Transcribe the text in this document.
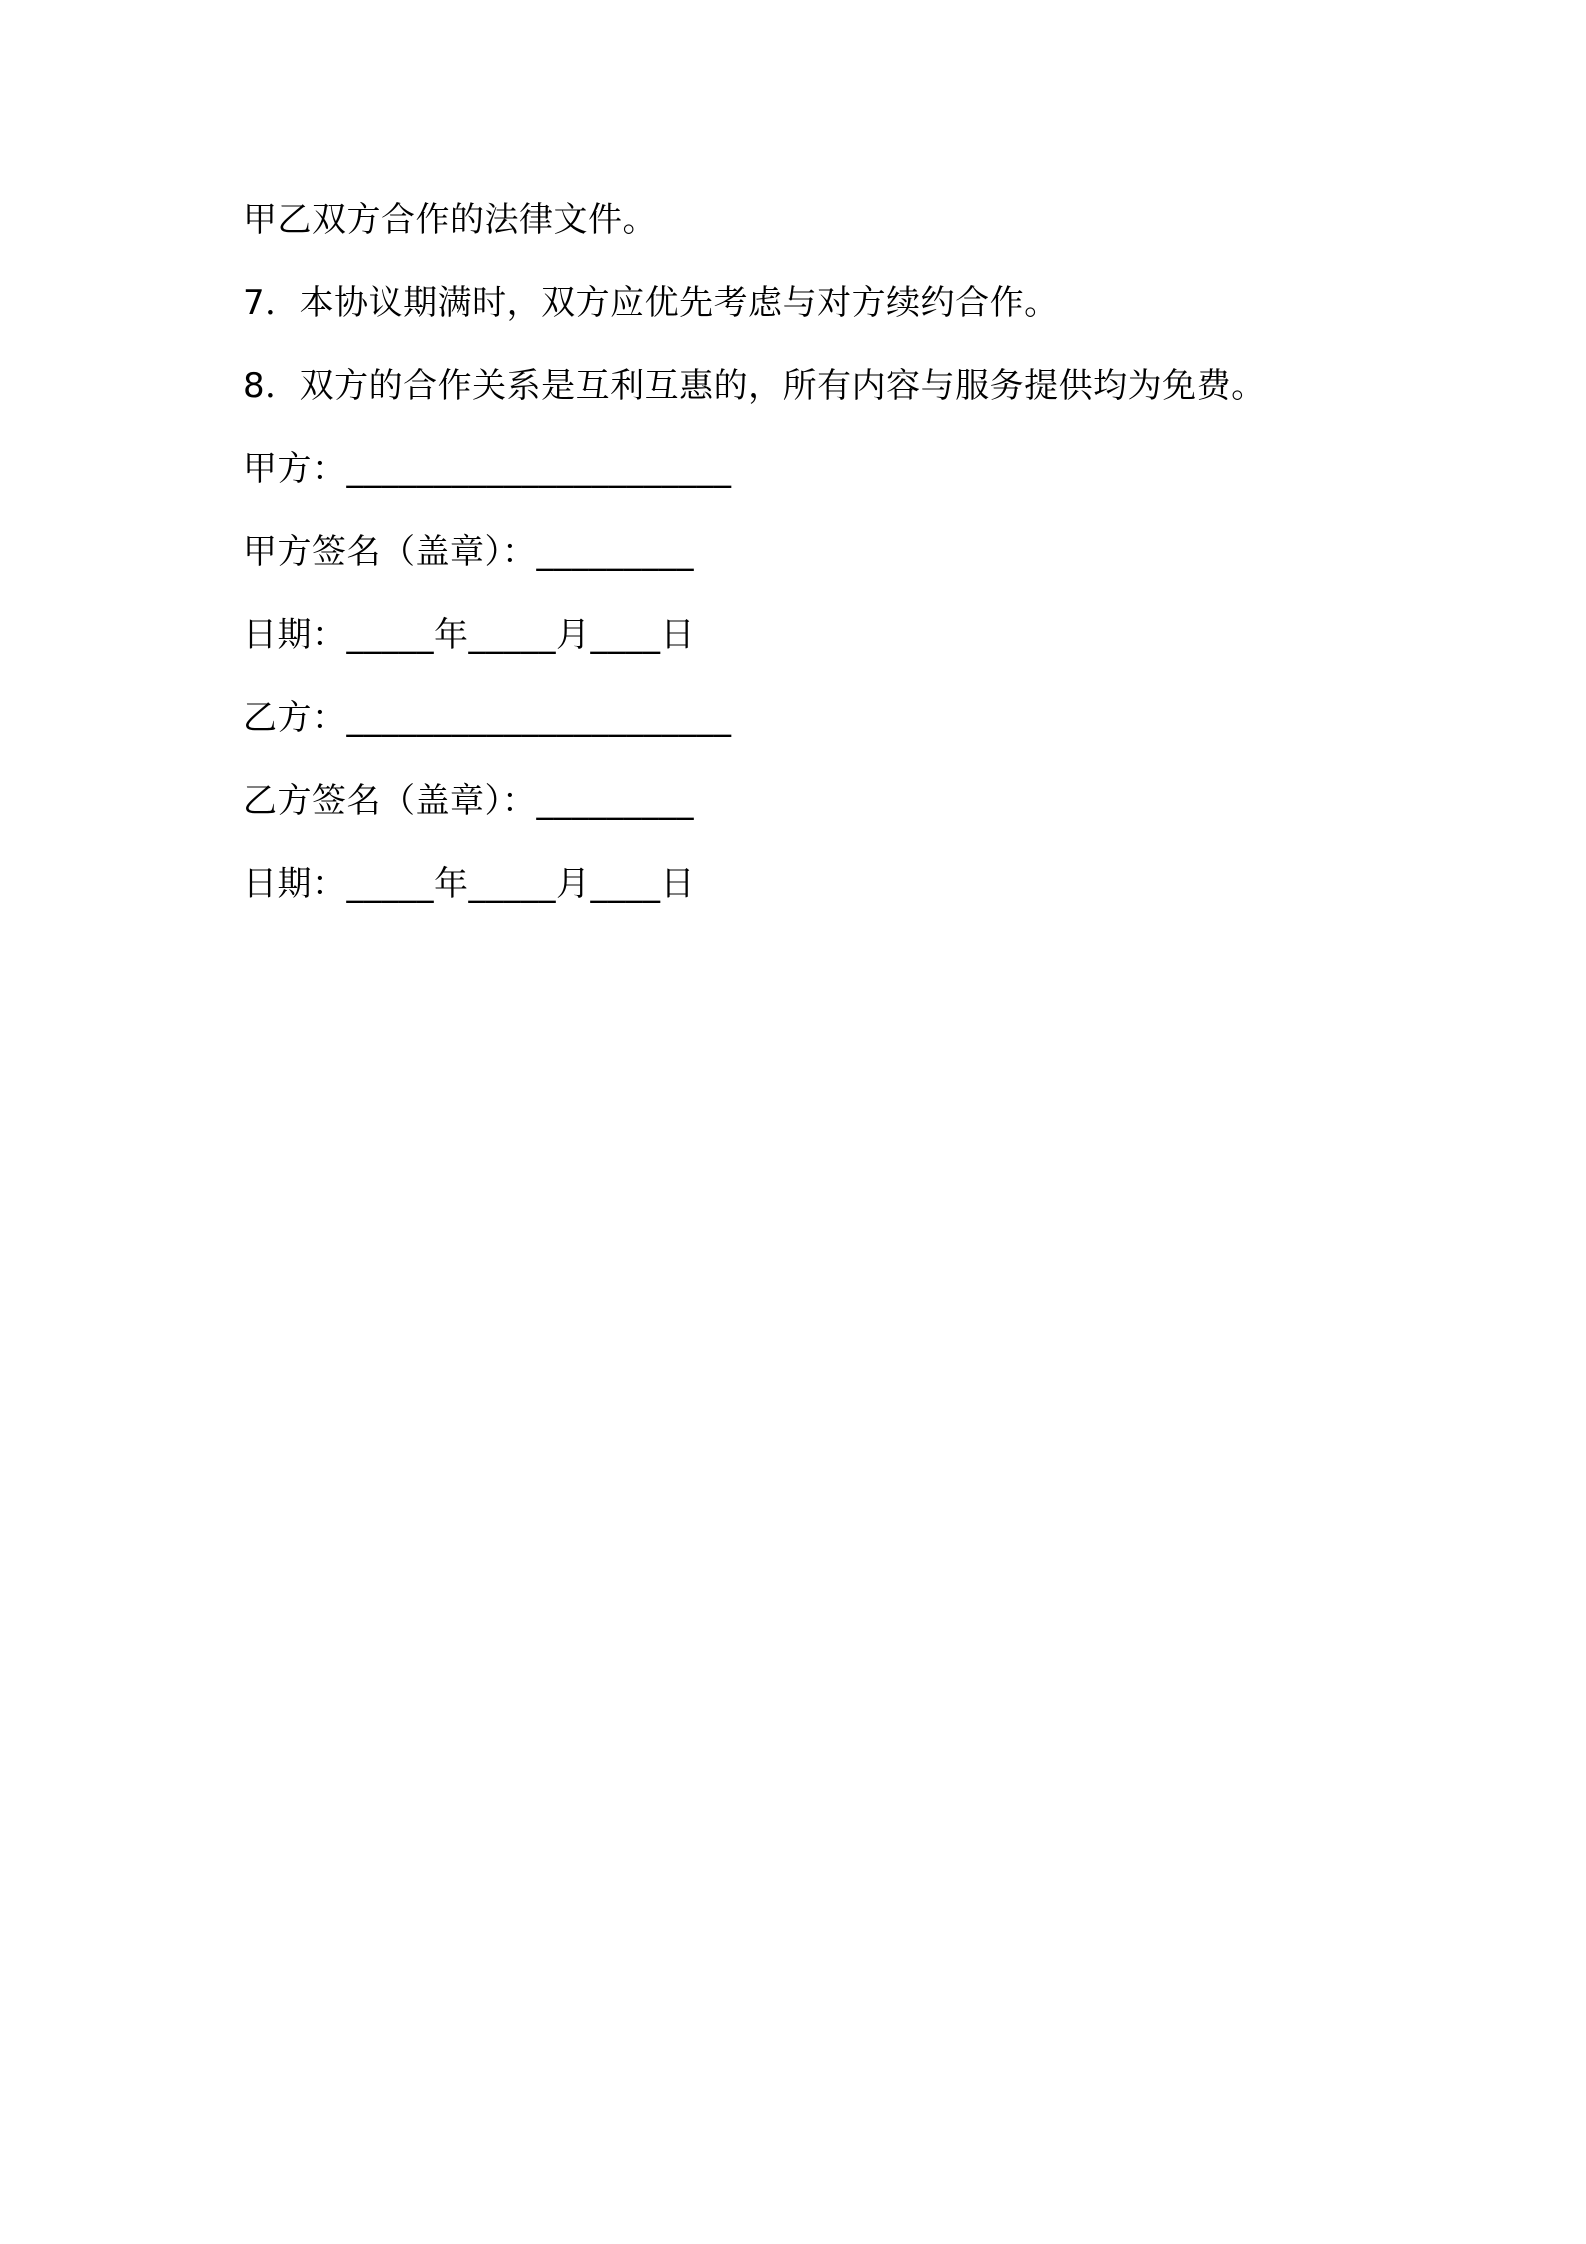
甲乙双方合作的法律文件。
7．本协议期满时，双方应优先考虑与对方续约合作。
8．双方的合作关系是互利互惠的，所有内容与服务提供均为免费。
甲方：______________________
甲方签名（盖章）：_________
日期：_____年_____月____日
乙方：______________________
乙方签名（盖章）：_________
日期：_____年_____月____日
